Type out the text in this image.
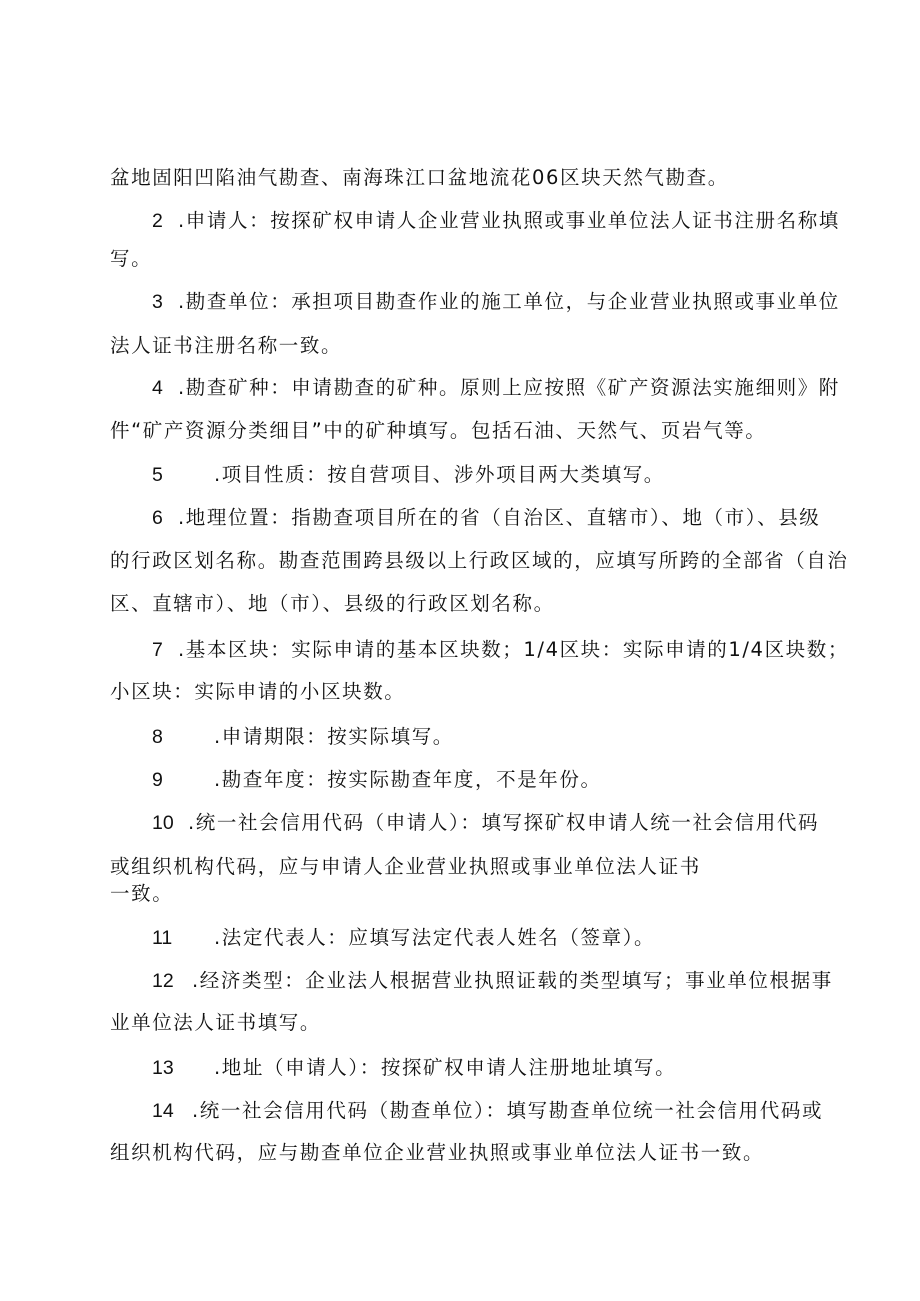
盆地固阳凹陷油气勘查、南海珠江口盆地流花06区块天然气勘查。

2 .申请人：按探矿权申请人企业营业执照或事业单位法人证书注册名称填

写。

3 .勘查单位：承担项目勘查作业的施工单位，与企业营业执照或事业单位

法人证书注册名称一致。

4 .勘查矿种：申请勘查的矿种。原则上应按照《矿产资源法实施细则》附

件“矿产资源分类细目”中的矿种填写。包括石油、天然气、页岩气等。

5	.项目性质：按自营项目、涉外项目两大类填写。

6 .地理位置：指勘查项目所在的省（自治区、直辖市）、地（市）、县级

的行政区划名称。勘查范围跨县级以上行政区域的，应填写所跨的全部省（自治

区、直辖市）、地（市）、县级的行政区划名称。

7 .基本区块：实际申请的基本区块数；1/4区块：实际申请的1/4区块数；

小区块：实际申请的小区块数。

8	.申请期限：按实际填写。

9	.勘查年度：按实际勘查年度，不是年份。

10 .统一社会信用代码（申请人）：填写探矿权申请人统一社会信用代码

或组织机构代码，应与申请人企业营业执照或事业单位法人证书

一致。

11 .法定代表人：应填写法定代表人姓名（签章）。

12 .经济类型：企业法人根据营业执照证载的类型填写；事业单位根据事

业单位法人证书填写。

13 .地址（申请人）：按探矿权申请人注册地址填写。

14 .统一社会信用代码（勘查单位）：填写勘查单位统一社会信用代码或

组织机构代码，应与勘查单位企业营业执照或事业单位法人证书一致。
